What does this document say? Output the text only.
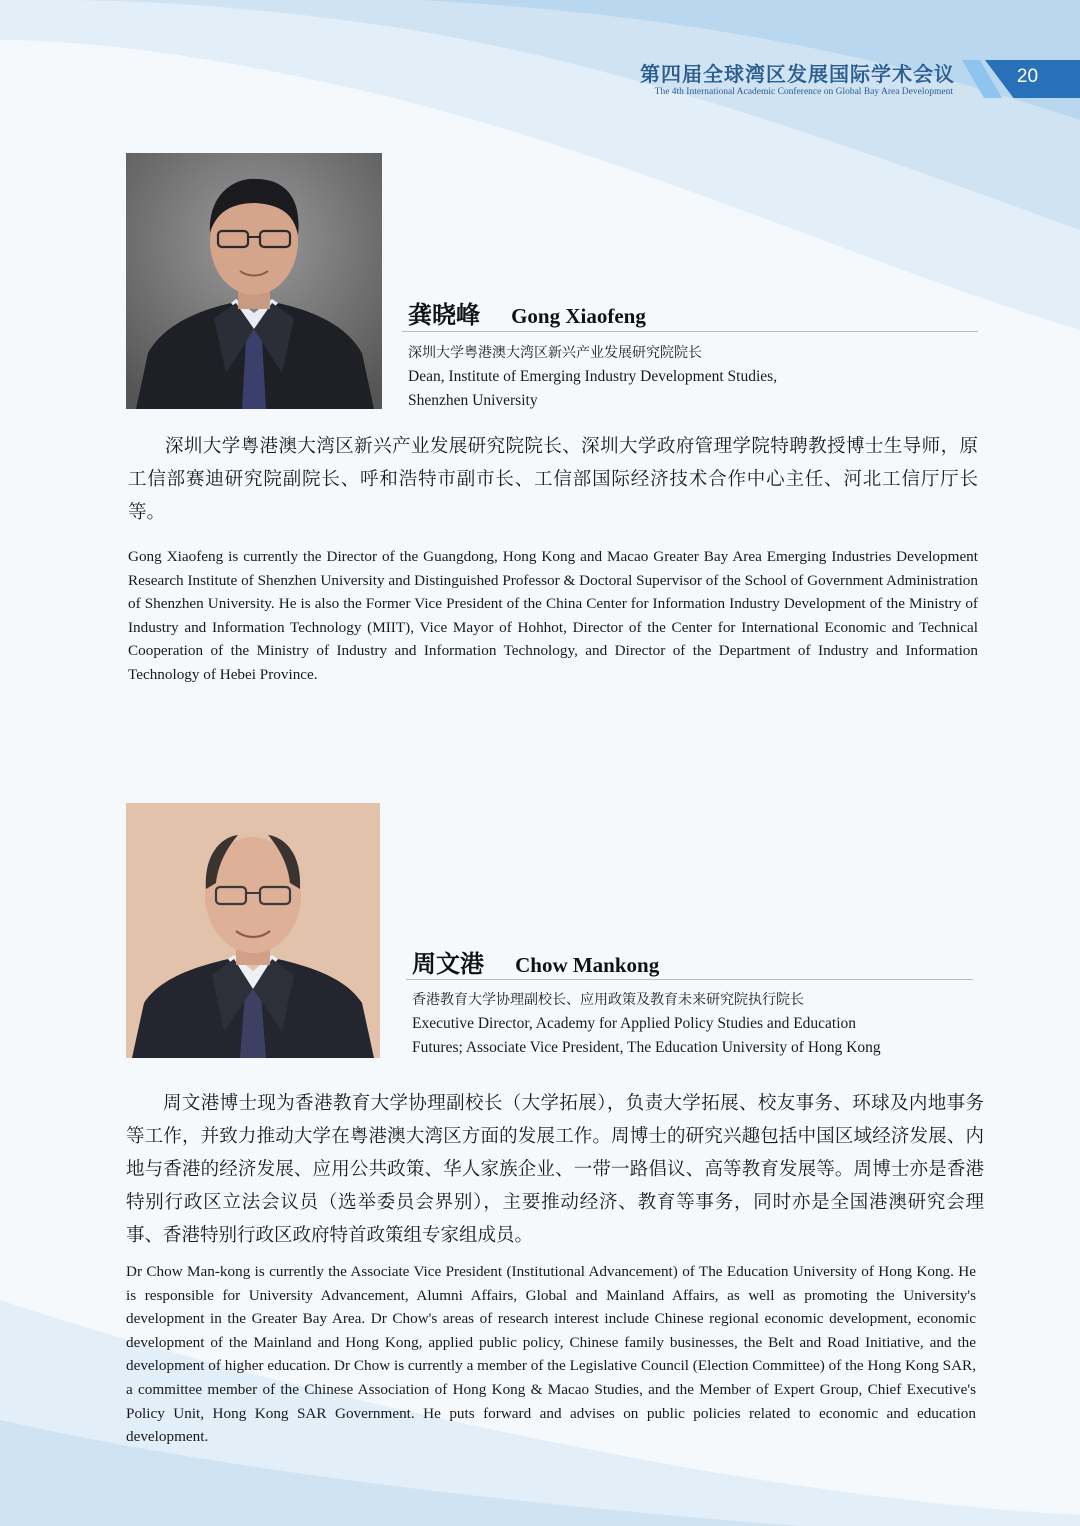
第四届全球湾区发展国际学术会议
The 4th International Academic Conference on Global Bay Area Development
20
龚晓峰 Gong Xiaofeng
深圳大学粤港澳大湾区新兴产业发展研究院院长
Dean, Institute of Emerging Industry Development Studies,
Shenzhen University

深圳大学粤港澳大湾区新兴产业发展研究院院长、深圳大学政府管理学院特聘教授博士生导师，原工信部赛迪研究院副院长、呼和浩特市副市长、工信部国际经济技术合作中心主任、河北工信厅厅长等。

Gong Xiaofeng is currently the Director of the Guangdong, Hong Kong and Macao Greater Bay Area Emerging Industries Development Research Institute of Shenzhen University and Distinguished Professor & Doctoral Supervisor of the School of Government Administration of Shenzhen University. He is also the Former Vice President of the China Center for Information Industry Development of the Ministry of Industry and Information Technology (MIIT), Vice Mayor of Hohhot, Director of the Center for International Economic and Technical Cooperation of the Ministry of Industry and Information Technology, and Director of the Department of Industry and Information Technology of Hebei Province.

周文港 Chow Mankong
香港教育大学协理副校长、应用政策及教育未来研究院执行院长
Executive Director, Academy for Applied Policy Studies and Education
Futures; Associate Vice President, The Education University of Hong Kong

周文港博士现为香港教育大学协理副校长（大学拓展），负责大学拓展、校友事务、环球及内地事务等工作，并致力推动大学在粤港澳大湾区方面的发展工作。周博士的研究兴趣包括中国区域经济发展、内地与香港的经济发展、应用公共政策、华人家族企业、一带一路倡议、高等教育发展等。周博士亦是香港特别行政区立法会议员（选举委员会界别），主要推动经济、教育等事务，同时亦是全国港澳研究会理事、香港特别行政区政府特首政策组专家组成员。

Dr Chow Man-kong is currently the Associate Vice President (Institutional Advancement) of The Education University of Hong Kong. He is responsible for University Advancement, Alumni Affairs, Global and Mainland Affairs, as well as promoting the University's development in the Greater Bay Area. Dr Chow's areas of research interest include Chinese regional economic development, economic development of the Mainland and Hong Kong, applied public policy, Chinese family businesses, the Belt and Road Initiative, and the development of higher education. Dr Chow is currently a member of the Legislative Council (Election Committee) of the Hong Kong SAR, a committee member of the Chinese Association of Hong Kong & Macao Studies, and the Member of Expert Group, Chief Executive's Policy Unit, Hong Kong SAR Government. He puts forward and advises on public policies related to economic and education development.
